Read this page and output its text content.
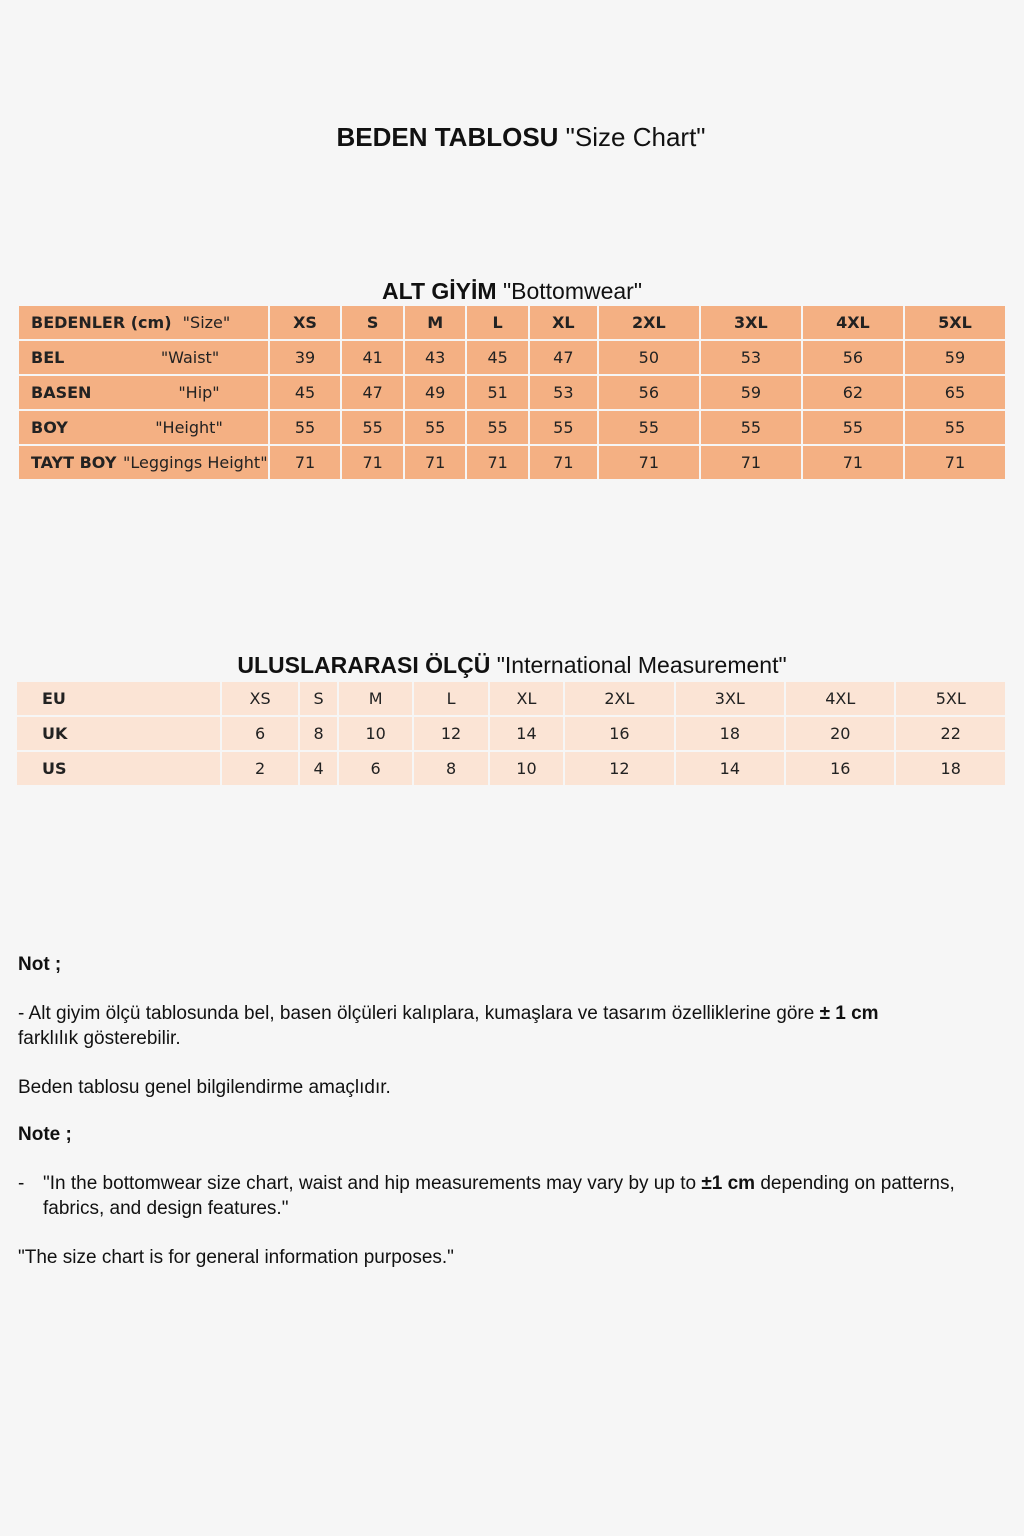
BEDEN TABLOSU "Size Chart"
ALT GİYİM "Bottomwear"
BEDENLER (cm) "Size"	XS	S	M	L	XL	2XL	3XL	4XL	5XL
BEL "Waist"	39	41	43	45	47	50	53	56	59
BASEN "Hip"	45	47	49	51	53	56	59	62	65
BOY "Height"	55	55	55	55	55	55	55	55	55
TAYT BOY "Leggings Height"	71	71	71	71	71	71	71	71	71
ULUSLARARASI ÖLÇÜ "International Measurement"
EU	XS	S	M	L	XL	2XL	3XL	4XL	5XL
UK	6	8	10	12	14	16	18	20	22
US	2	4	6	8	10	12	14	16	18

Not ;

- Alt giyim ölçü tablosunda bel, basen ölçüleri kalıplara, kumaşlara ve tasarım özelliklerine göre ± 1 cm
farklılık gösterebilir.

Beden tablosu genel bilgilendirme amaçlıdır.

Note ;

- "In the bottomwear size chart, waist and hip measurements may vary by up to ±1 cm depending on patterns, fabrics, and design features."

"The size chart is for general information purposes."
